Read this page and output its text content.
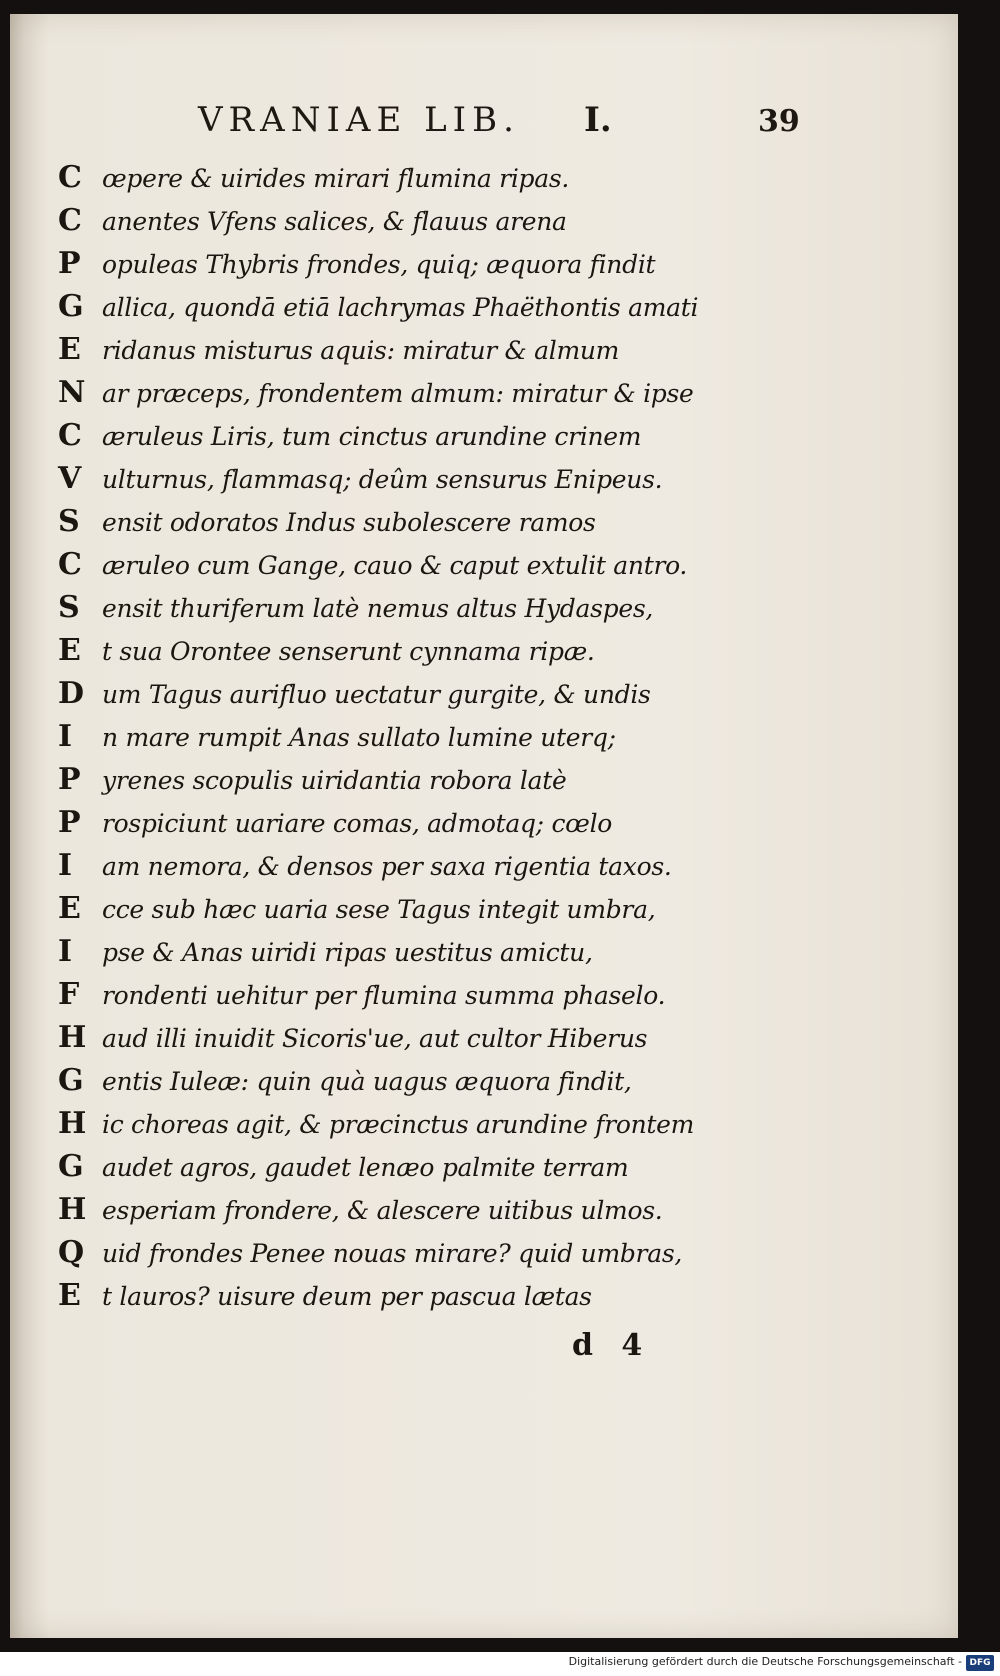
VRANIAE LIB. I.	39
C œpere & uirides mirari flumina ripas.
C anentes Vfens salices, & flauus arena
P opuleas Thybris frondes, quiq; æquora findit
G allica, quondā etiā lachrymas Phaëthontis amati
E ridanus misturus aquis: miratur & almum
N ar præceps, frondentem almum: miratur & ipse
C æruleus Liris, tum cinctus arundine crinem
V ulturnus, flammasq; deûm sensurus Enipeus.
S ensit odoratos Indus subolescere ramos
C æruleo cum Gange, cauo & caput extulit antro.
S ensit thuriferum latè nemus altus Hydaspes,
E t sua Orontee senserunt cynnama ripæ.
D um Tagus aurifluo uectatur gurgite, & undis
I	n mare rumpit Anas sullato lumine uterq;
P yrenes scopulis uiridantia robora latè
P rospiciunt uariare comas, admotaq; cœlo
I	am nemora, & densos per saxa rigentia taxos.
E cce sub hæc uaria sese Tagus integit umbra,
I	pse & Anas uiridi ripas uestitus amictu,
F rondenti uehitur per flumina summa phaselo.
H aud illi inuidit Sicoris'ue, aut cultor Hiberus
G entis Iuleæ: quin quà uagus æquora findit,
H ic choreas agit, & præcinctus arundine frontem
G audet agros, gaudet lenæo palmite terram
H esperiam frondere, & alescere uitibus ulmos.
Q uid frondes Penee nouas mirare? quid umbras,
E t lauros? uisure deum per pascua lætas
d 4
Digitalisierung gefördert durch die Deutsche Forschungsgemeinschaft - DFG
